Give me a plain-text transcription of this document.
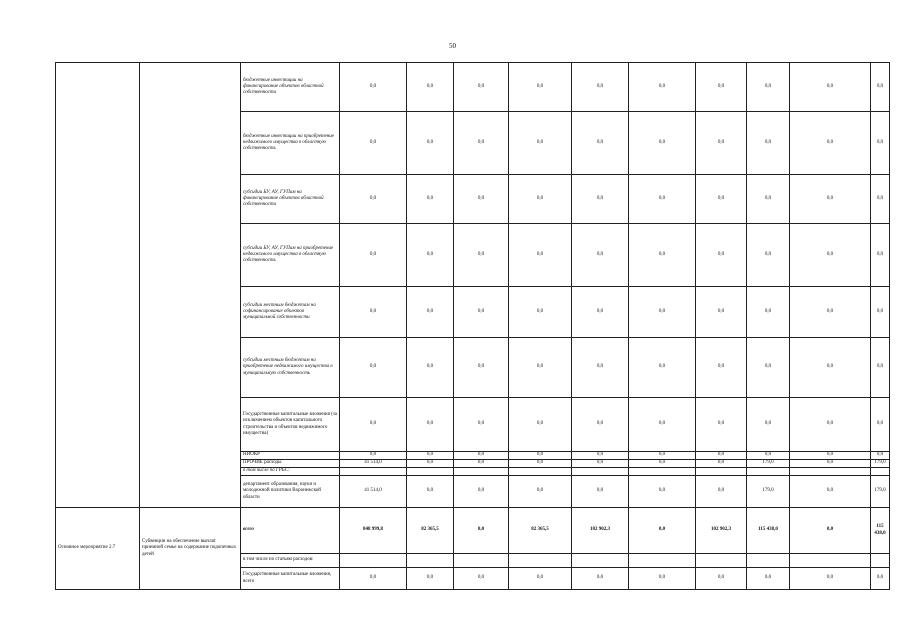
50
		бюджетные инвестиции на финансирование объектов областной собственности	0,0	0,0	0,0	0,0	0,0	0,0	0,0	0,0	0,0	0,0
		бюджетные инвестиции на приобретение недвижимого имущества в областную собственность	0,0	0,0	0,0	0,0	0,0	0,0	0,0	0,0	0,0	0,0
		субсидии БУ, АУ, ГУПам на финансирование объектов областной собственности	0,0	0,0	0,0	0,0	0,0	0,0	0,0	0,0	0,0	0,0
		субсидии БУ, АУ, ГУПам на приобретение недвижимого имущества в областную собственность	0,0	0,0	0,0	0,0	0,0	0,0	0,0	0,0	0,0	0,0
		субсидии местным бюджетам на софинансирование объектов муниципальной собственности	0,0	0,0	0,0	0,0	0,0	0,0	0,0	0,0	0,0	0,0
		субсидии местным бюджетам на приобретение недвижимого имущества в муниципальную собственность	0,0	0,0	0,0	0,0	0,0	0,0	0,0	0,0	0,0	0,0
		Государственные капитальные вложения (за исключением объектов капитального строительства и объектов недвижимого имущества)	0,0	0,0	0,0	0,0	0,0	0,0	0,0	0,0	0,0	0,0
		НИОКР	0,0	0,0	0,0	0,0	0,0	0,0	0,0	0,0	0,0	0,0
		ПРОЧИЕ расходы	41 514,0	0,0	0,0	0,0	0,0	0,0	0,0	179,0	0,0	179,0
		в том числе по ГРБС:										
		департамент образования, науки и молодежной политики Воронежской области	41 514,0	0,0	0,0	0,0	0,0	0,0	0,0	179,0	0,0	179,0
Основное мероприятие 2.7	Субвенции на обеспечение выплат приемной семье на содержание подопечных детей	всего	848 999,8	82 365,5	0,0	82 365,5	102 902,3	0,0	102 902,3	115 438,0	0,0	115 438,0
		в том числе по статьям расходов:										
		Государственные капитальные вложения, всего	0,0	0,0	0,0	0,0	0,0	0,0	0,0	0,0	0,0	0,0
